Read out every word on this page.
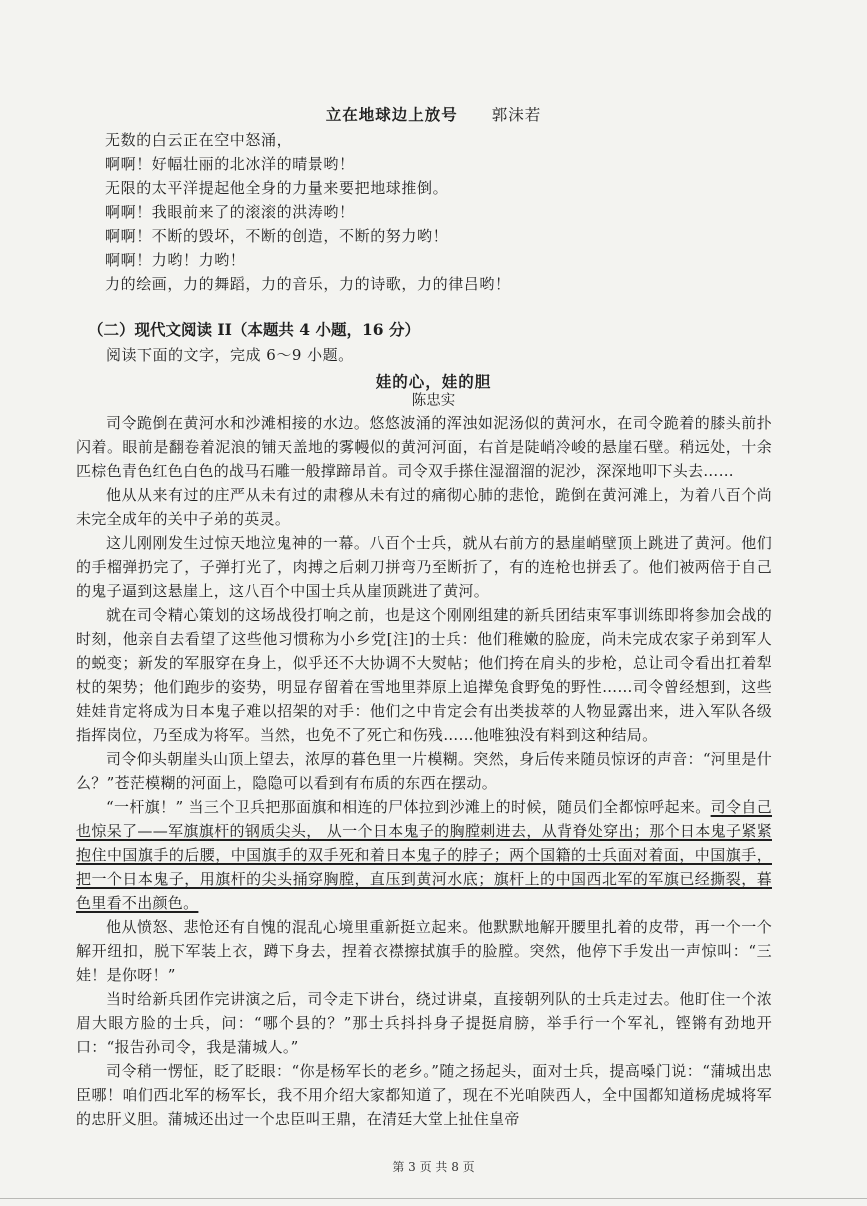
立在地球边上放号 郭沫若
无数的白云正在空中怒涌，
啊啊！好幅壮丽的北冰洋的晴景哟！
无限的太平洋提起他全身的力量来要把地球推倒。
啊啊！我眼前来了的滚滚的洪涛哟！
啊啊！不断的毁坏，不断的创造，不断的努力哟！
啊啊！力哟！力哟！
力的绘画，力的舞蹈，力的音乐，力的诗歌，力的律吕哟！
（二）现代文阅读 II（本题共 4 小题，16 分）
阅读下面的文字，完成 6～9 小题。
娃的心，娃的胆
陈忠实

司令跪倒在黄河水和沙滩相接的水边。悠悠波涌的浑浊如泥汤似的黄河水，在司令跪着的膝头前扑闪着。眼前是翻卷着泥浪的铺天盖地的雾幔似的黄河河面，右首是陡峭冷峻的悬崖石壁。稍远处，十余匹棕色青色红色白色的战马石雕一般撑蹄昂首。司令双手搽住湿溜溜的泥沙，深深地叩下头去……

他从从来有过的庄严从未有过的肃穆从未有过的痛彻心肺的悲怆，跪倒在黄河滩上，为着八百个尚未完全成年的关中子弟的英灵。

这儿刚刚发生过惊天地泣鬼神的一幕。八百个士兵，就从右前方的悬崖峭壁顶上跳进了黄河。他们的手榴弹扔完了，子弹打光了，肉搏之后刺刀拼弯乃至断折了，有的连枪也拼丢了。他们被两倍于自己的鬼子逼到这悬崖上，这八百个中国士兵从崖顶跳进了黄河。

就在司令精心策划的这场战役打响之前，也是这个刚刚组建的新兵团结束军事训练即将参加会战的时刻，他亲自去看望了这些他习惯称为小乡党[注]的士兵：他们稚嫩的脸庞，尚未完成农家子弟到军人的蜕变；新发的军服穿在身上，似乎还不大协调不大熨帖；他们挎在肩头的步枪，总让司令看出扛着犁杖的架势；他们跑步的姿势，明显存留着在雪地里莽原上追撵兔食野兔的野性……司令曾经想到，这些娃娃肯定将成为日本鬼子难以招架的对手：他们之中肯定会有出类拔萃的人物显露出来，进入军队各级指挥岗位，乃至成为将军。当然，也免不了死亡和伤残……他唯独没有料到这种结局。

司令仰头朝崖头山顶上望去，浓厚的暮色里一片模糊。突然，身后传来随员惊讶的声音：“河里是什么？”苍茫模糊的河面上，隐隐可以看到有布质的东西在摆动。

“一杆旗！” 当三个卫兵把那面旗和相连的尸体拉到沙滩上的时候，随员们全都惊呼起来。司令自己也惊呆了——军旗旗杆的钢质尖头， 从一个日本鬼子的胸膛刺进去，从背脊处穿出；那个日本鬼子紧紧抱住中国旗手的后腰，中国旗手的双手死和着日本鬼子的脖子；两个国籍的士兵面对着面，中国旗手，把一个日本鬼子，用旗杆的尖头捅穿胸膛，直压到黄河水底；旗杆上的中国西北军的军旗已经撕裂，暮色里看不出颜色。

他从愤怒、悲怆还有自愧的混乱心境里重新挺立起来。他默默地解开腰里扎着的皮带，再一个一个解开纽扣，脱下军装上衣，蹲下身去，捏着衣襟擦拭旗手的脸膛。突然，他停下手发出一声惊叫：“三娃！是你呀！”

当时给新兵团作完讲演之后，司令走下讲台，绕过讲桌，直接朝列队的士兵走过去。他盯住一个浓眉大眼方脸的士兵，问：“哪个县的？”那士兵抖抖身子提挺肩膀，举手行一个军礼，铿锵有劲地开口：“报告孙司令，我是蒲城人。”

司令稍一愣怔，眨了眨眼：“你是杨军长的老乡。”随之扬起头，面对士兵，提高嗓门说：“蒲城出忠臣哪！咱们西北军的杨军长，我不用介绍大家都知道了，现在不光咱陕西人，全中国都知道杨虎城将军的忠肝义胆。蒲城还出过一个忠臣叫王鼎，在清廷大堂上扯住皇帝

第 3 页 共 8 页
